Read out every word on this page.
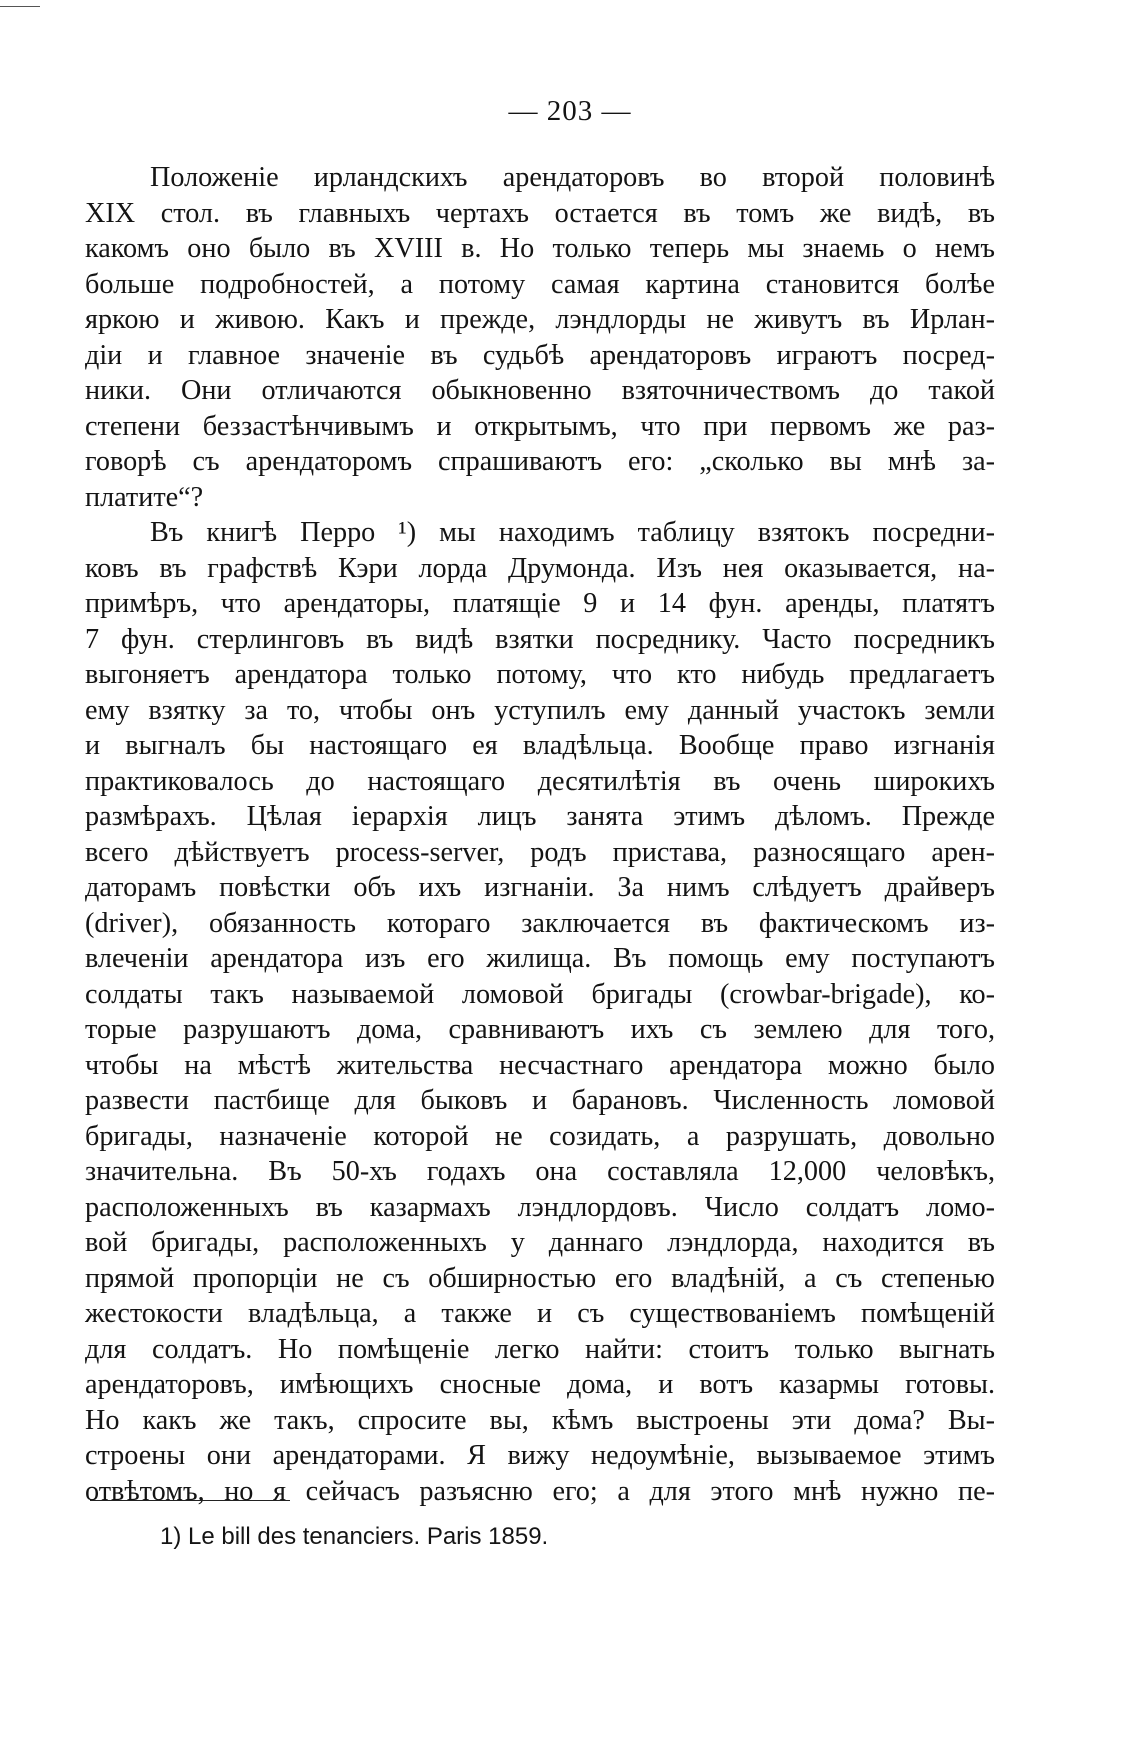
— 203 —
Положеніе ирландскихъ арендаторовъ во второй половинѣ
XIX стол. въ главныхъ чертахъ остается въ томъ же видѣ, въ
какомъ оно было въ XVIII в. Но только теперь мы знаемь о немъ
больше подробностей, а потому самая картина становится болѣе
яркою и живою. Какъ и прежде, лэндлорды не живутъ въ Ирлан-
діи и главное значеніе въ судьбѣ арендаторовъ играютъ посред-
ники. Они отличаются обыкновенно взяточничествомъ до такой
степени беззастѣнчивымъ и открытымъ, что при первомъ же раз-
говорѣ съ арендаторомъ спрашиваютъ его: „сколько вы мнѣ за-
платите“?
Въ книгѣ Перро ¹) мы находимъ таблицу взятокъ посредни-
ковъ въ графствѣ Кэри лорда Друмонда. Изъ нея оказывается, на-
примѣръ, что арендаторы, платящіе 9 и 14 фун. аренды, платятъ
7 фун. стерлинговъ въ видѣ взятки посреднику. Часто посредникъ
выгоняетъ арендатора только потому, что кто нибудь предлагаетъ
ему взятку за то, чтобы онъ уступилъ ему данный участокъ земли
и выгналъ бы настоящаго ея владѣльца. Вообще право изгнанія
практиковалось до настоящаго десятилѣтія въ очень широкихъ
размѣрахъ. Цѣлая іерархія лицъ занята этимъ дѣломъ. Прежде
всего дѣйствуетъ process-server, родъ пристава, разносящаго арен-
даторамъ повѣстки объ ихъ изгнаніи. За нимъ слѣдуетъ драйверъ
(driver), обязанность котораго заключается въ фактическомъ из-
влеченіи арендатора изъ его жилища. Въ помощь ему поступаютъ
солдаты такъ называемой ломовой бригады (crowbar-brigade), ко-
торые разрушаютъ дома, сравниваютъ ихъ съ землею для того,
чтобы на мѣстѣ жительства несчастнаго арендатора можно было
развести пастбище для быковъ и барановъ. Численность ломовой
бригады, назначеніе которой не созидать, а разрушать, довольно
значительна. Въ 50-хъ годахъ она составляла 12,000 человѣкъ,
расположенныхъ въ казармахъ лэндлордовъ. Число солдатъ ломо-
вой бригады, расположенныхъ у даннаго лэндлорда, находится въ
прямой пропорціи не съ обширностью его владѣній, а съ степенью
жестокости владѣльца, а также и съ существованіемъ помѣщеній
для солдатъ. Но помѣщеніе легко найти: стоитъ только выгнать
арендаторовъ, имѣющихъ сносные дома, и вотъ казармы готовы.
Но какъ же такъ, спросите вы, кѣмъ выстроены эти дома? Вы-
строены они арендаторами. Я вижу недоумѣніе, вызываемое этимъ
отвѣтомъ, но я сейчасъ разъясню его; а для этого мнѣ нужно пе-
1) Le bill des tenanciers. Paris 1859.
